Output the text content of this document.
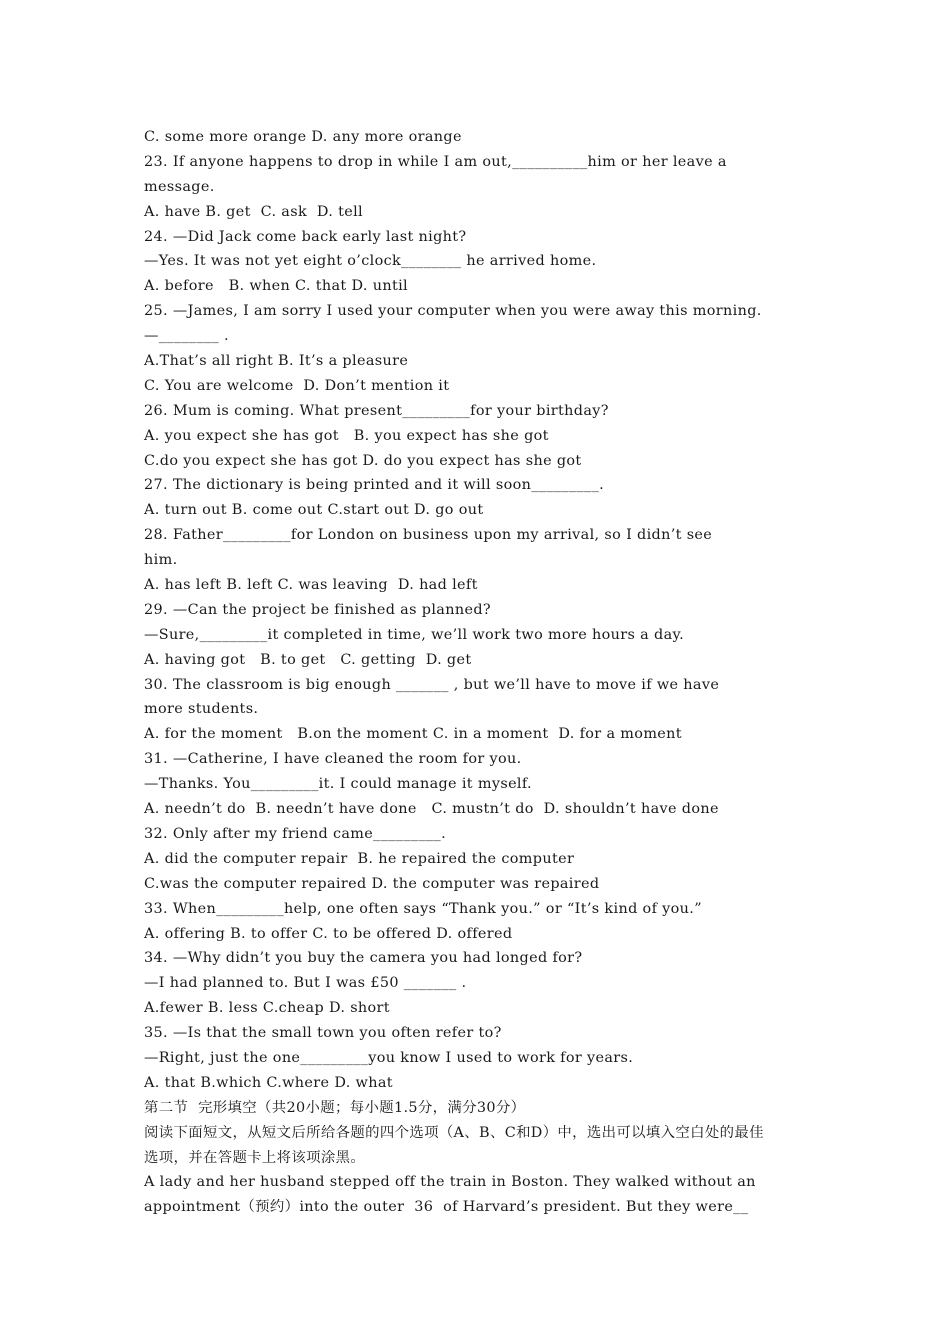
C. some more orange D. any more orange
23. If anyone happens to drop in while I am out,__________him or her leave a
message.
A. have B. get  C. ask  D. tell
24. —Did Jack come back early last night?
—Yes. It was not yet eight o’clock________ he arrived home.
A. before   B. when C. that D. until
25. —James, I am sorry I used your computer when you were away this morning.
—________ .
A.That’s all right B. It’s a pleasure
C. You are welcome  D. Don’t mention it
26. Mum is coming. What present_________for your birthday?
A. you expect she has got   B. you expect has she got
C.do you expect she has got D. do you expect has she got
27. The dictionary is being printed and it will soon_________.
A. turn out B. come out C.start out D. go out
28. Father_________for London on business upon my arrival, so I didn’t see
him.
A. has left B. left C. was leaving  D. had left
29. —Can the project be finished as planned?
—Sure,_________it completed in time, we’ll work two more hours a day.
A. having got   B. to get   C. getting  D. get
30. The classroom is big enough _______ , but we’ll have to move if we have
more students.
A. for the moment   B.on the moment C. in a moment  D. for a moment
31. —Catherine, I have cleaned the room for you.
—Thanks. You_________it. I could manage it myself.
A. needn’t do  B. needn’t have done   C. mustn’t do  D. shouldn’t have done
32. Only after my friend came_________.
A. did the computer repair  B. he repaired the computer
C.was the computer repaired D. the computer was repaired
33. When_________help, one often says “Thank you.” or “It’s kind of you.”
A. offering B. to offer C. to be offered D. offered
34. —Why didn’t you buy the camera you had longed for?
—I had planned to. But I was £50 _______ .
A.fewer B. less C.cheap D. short
35. —Is that the small town you often refer to?
—Right, just the one_________you know I used to work for years.
A. that B.which C.where D. what
第二节  完形填空（共20小题；每小题1.5分，满分30分）
阅读下面短文，从短文后所给各题的四个选项（A、B、C和D）中，选出可以填入空白处的最佳
选项，并在答题卡上将该项涂黑。
A lady and her husband stepped off the train in Boston. They walked without an
appointment（预约）into the outer  36  of Harvard’s president. But they were__
